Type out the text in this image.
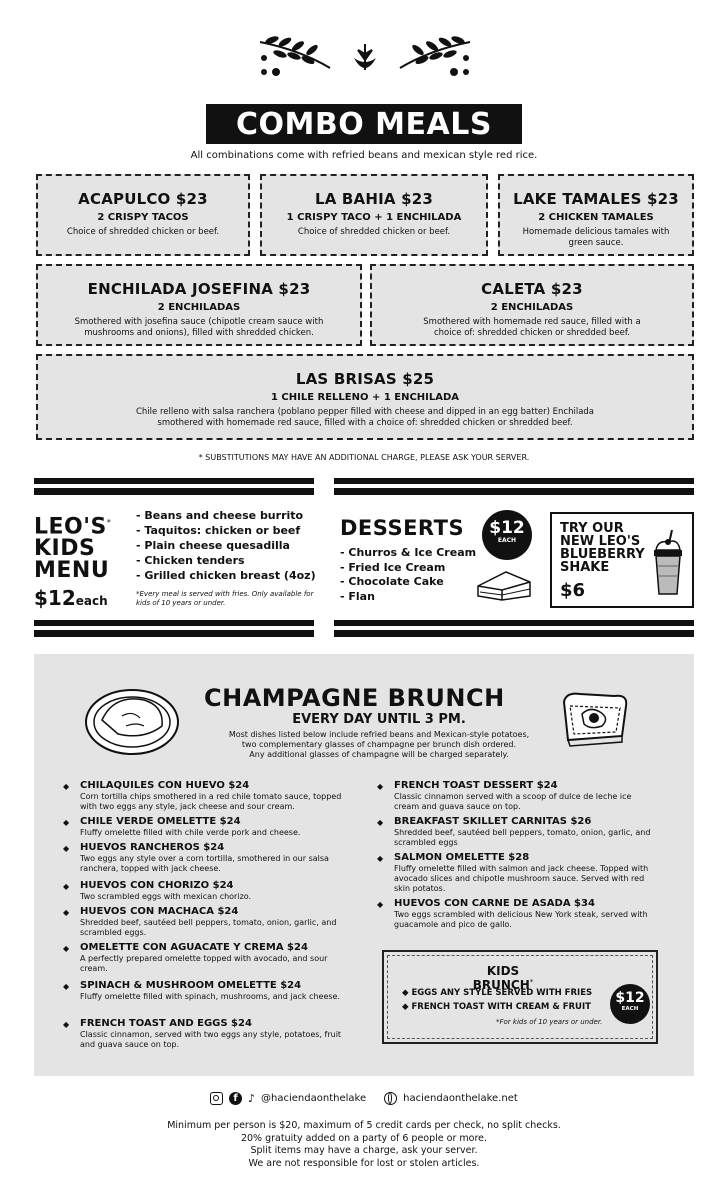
COMBO MEALS
All combinations come with refried beans and mexican style red rice.
ACAPULCO $23
2 CRISPY TACOS
Choice of shredded chicken or beef.
LA BAHIA $23
1 CRISPY TACO + 1 ENCHILADA
Choice of shredded chicken or beef.
LAKE TAMALES $23
2 CHICKEN TAMALES
Homemade delicious tamales with green sauce.
ENCHILADA JOSEFINA $23
2 ENCHILADAS
Smothered with josefina sauce (chipotle cream sauce with mushrooms and onions), filled with shredded chicken.
CALETA $23
2 ENCHILADAS
Smothered with homemade red sauce, filled with a choice of: shredded chicken or shredded beef.
LAS BRISAS $25
1 CHILE RELLENO + 1 ENCHILADA
Chile relleno with salsa ranchera (poblano pepper filled with cheese and dipped in an egg batter) Enchilada smothered with homemade red sauce, filled with a choice of: shredded chicken or shredded beef.
* SUBSTITUTIONS MAY HAVE AN ADDITIONAL CHARGE, PLEASE ASK YOUR SERVER.
LEO'S*
KIDS
MENU
$12each
- Beans and cheese burrito
- Taquitos: chicken or beef
- Plain cheese quesadilla
- Chicken tenders
- Grilled chicken breast (4oz)
*Every meal is served with fries. Only available for kids of 10 years or under.
DESSERTS	$12
EACH
- Churros & Ice Cream
- Fried Ice Cream
- Chocolate Cake
- Flan
TRY OUR
NEW LEO'S
BLUEBERRY
SHAKE
$6
CHAMPAGNE BRUNCH
EVERY DAY UNTIL 3 PM.
Most dishes listed below include refried beans and Mexican-style potatoes,
two complementary glasses of champagne per brunch dish ordered.
Any additional glasses of champagne will be charged separately.
◆ CHILAQUILES CON HUEVO $24
Corn tortilla chips smothered in a red chile tomato sauce, topped with two eggs any style, jack cheese and sour cream.
◆ CHILE VERDE OMELETTE $24
Fluffy omelette filled with chile verde pork and cheese.
◆ HUEVOS RANCHEROS $24
Two eggs any style over a corn tortilla, smothered in our salsa ranchera, topped with jack cheese.
◆ HUEVOS CON CHORIZO $24
Two scrambled eggs with mexican chorizo.
◆ HUEVOS CON MACHACA $24
Shredded beef, sautéed bell peppers, tomato, onion, garlic, and scrambled eggs.
◆ OMELETTE CON AGUACATE Y CREMA $24
A perfectly prepared omelette topped with avocado, and sour cream.
◆ SPINACH & MUSHROOM OMELETTE $24
Fluffy omelette filled with spinach, mushrooms, and jack cheese.
◆ FRENCH TOAST AND EGGS $24
Classic cinnamon, served with two eggs any style, potatoes, fruit and guava sauce on top.
◆ FRENCH TOAST DESSERT $24
Classic cinnamon served with a scoop of dulce de leche ice cream and guava sauce on top.
◆ BREAKFAST SKILLET CARNITAS $26
Shredded beef, sautéed bell peppers, tomato, onion, garlic, and scrambled eggs
◆ SALMON OMELETTE $28
Fluffy omelette filled with salmon and jack cheese. Topped with avocado slices and chipotle mushroom sauce. Served with red skin potatos.
◆ HUEVOS CON CARNE DE ASADA $34
Two eggs scrambled with delicious New York steak, served with guacamole and pico de gallo.
KIDS BRUNCH*
◆ EGGS ANY STYLE SERVED WITH FRIES
◆ FRENCH TOAST WITH CREAM & FRUIT
*For kids of 10 years or under.
$12
EACH
f ♪ @haciendaonthelake	haciendaonthelake.net
Minimum per person is $20, maximum of 5 credit cards per check, no split checks.
20% gratuity added on a party of 6 people or more.
Split items may have a charge, ask your server.
We are not responsible for lost or stolen articles.
